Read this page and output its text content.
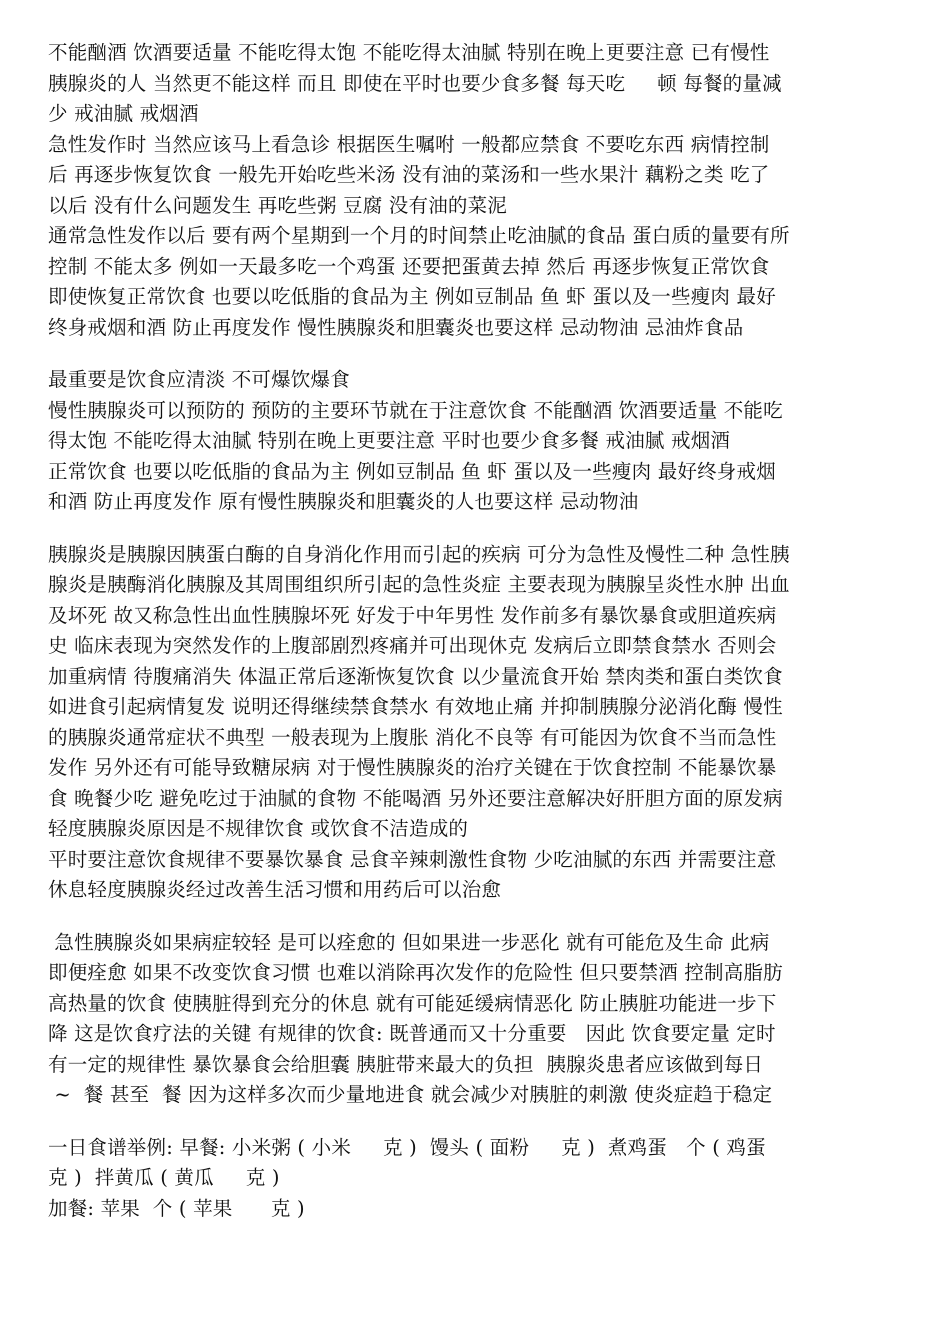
不能酗酒 饮酒要适量 不能吃得太饱 不能吃得太油腻 特别在晚上更要注意 已有慢性
胰腺炎的人 当然更不能这样 而且 即使在平时也要少食多餐 每天吃     顿 每餐的量减
少 戒油腻 戒烟酒
急性发作时 当然应该马上看急诊 根据医生嘱咐 一般都应禁食 不要吃东西 病情控制
后 再逐步恢复饮食 一般先开始吃些米汤 没有油的菜汤和一些水果汁 藕粉之类 吃了
以后 没有什么问题发生 再吃些粥 豆腐 没有油的菜泥
通常急性发作以后 要有两个星期到一个月的时间禁止吃油腻的食品 蛋白质的量要有所
控制 不能太多 例如一天最多吃一个鸡蛋 还要把蛋黄去掉 然后 再逐步恢复正常饮食
即使恢复正常饮食 也要以吃低脂的食品为主 例如豆制品 鱼 虾 蛋以及一些瘦肉 最好
终身戒烟和酒 防止再度发作 慢性胰腺炎和胆囊炎也要这样 忌动物油 忌油炸食品
最重要是饮食应清淡 不可爆饮爆食
慢性胰腺炎可以预防的 预防的主要环节就在于注意饮食 不能酗酒 饮酒要适量 不能吃
得太饱 不能吃得太油腻 特别在晚上更要注意 平时也要少食多餐 戒油腻 戒烟酒
正常饮食 也要以吃低脂的食品为主 例如豆制品 鱼 虾 蛋以及一些瘦肉 最好终身戒烟
和酒 防止再度发作 原有慢性胰腺炎和胆囊炎的人也要这样 忌动物油
胰腺炎是胰腺因胰蛋白酶的自身消化作用而引起的疾病 可分为急性及慢性二种 急性胰
腺炎是胰酶消化胰腺及其周围组织所引起的急性炎症 主要表现为胰腺呈炎性水肿 出血
及坏死 故又称急性出血性胰腺坏死 好发于中年男性 发作前多有暴饮暴食或胆道疾病
史 临床表现为突然发作的上腹部剧烈疼痛并可出现休克 发病后立即禁食禁水 否则会
加重病情 待腹痛消失 体温正常后逐渐恢复饮食 以少量流食开始 禁肉类和蛋白类饮食
如进食引起病情复发 说明还得继续禁食禁水 有效地止痛 并抑制胰腺分泌消化酶 慢性
的胰腺炎通常症状不典型 一般表现为上腹胀 消化不良等 有可能因为饮食不当而急性
发作 另外还有可能导致糖尿病 对于慢性胰腺炎的治疗关键在于饮食控制 不能暴饮暴
食 晚餐少吃 避免吃过于油腻的食物 不能喝酒 另外还要注意解决好肝胆方面的原发病
轻度胰腺炎原因是不规律饮食 或饮食不洁造成的
平时要注意饮食规律不要暴饮暴食 忌食辛辣刺激性食物 少吃油腻的东西 并需要注意
休息轻度胰腺炎经过改善生活习惯和用药后可以治愈
急性胰腺炎如果病症较轻 是可以痊愈的 但如果进一步恶化 就有可能危及生命 此病
即便痊愈 如果不改变饮食习惯 也难以消除再次发作的危险性 但只要禁酒 控制高脂肪
高热量的饮食 使胰脏得到充分的休息 就有可能延缓病情恶化 防止胰脏功能进一步下
降 这是饮食疗法的关键 有规律的饮食: 既普通而又十分重要   因此 饮食要定量 定时
有一定的规律性 暴饮暴食会给胆囊 胰脏带来最大的负担  胰腺炎患者应该做到每日
~  餐 甚至  餐 因为这样多次而少量地进食 就会减少对胰脏的刺激 使炎症趋于稳定
一日食谱举例: 早餐: 小米粥 ( 小米     克 )  馒头 ( 面粉     克 )  煮鸡蛋   个 ( 鸡蛋
克 )  拌黄瓜 ( 黄瓜     克 )
加餐: 苹果  个 ( 苹果      克 )
